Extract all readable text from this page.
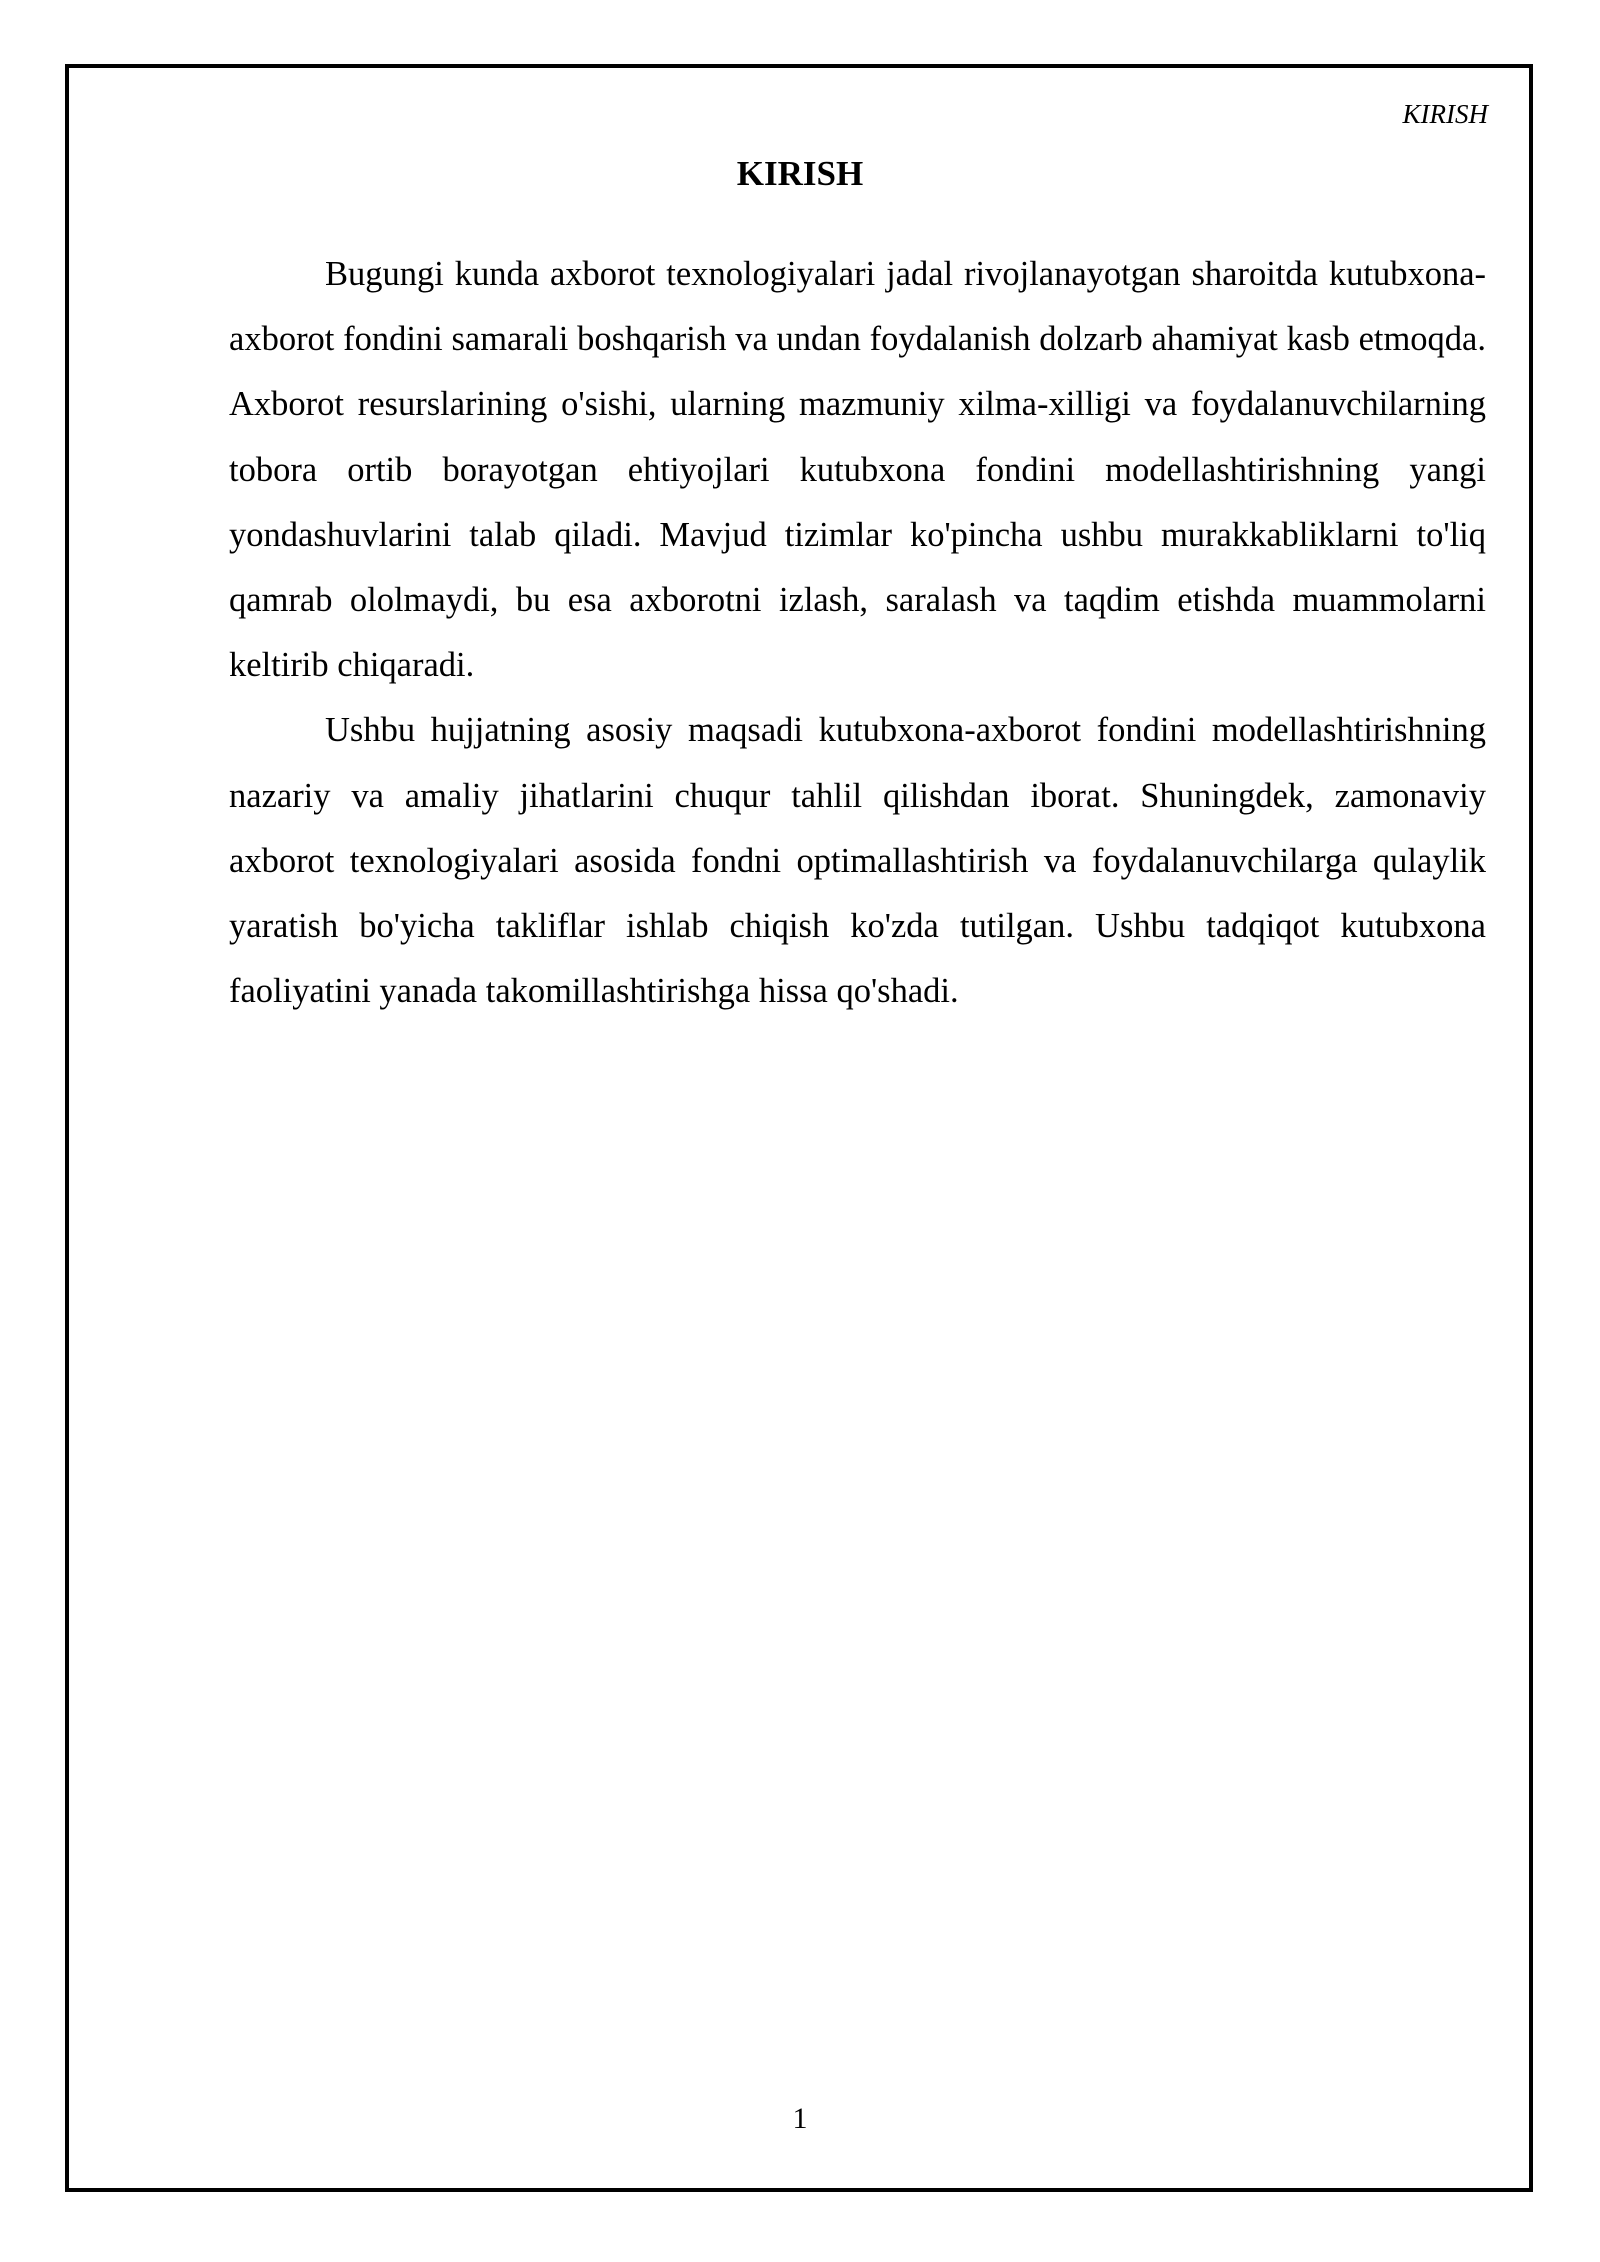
KIRISH
KIRISH

Bugungi kunda axborot texnologiyalari jadal rivojlanayotgan sharoitda kutubxona-axborot fondini samarali boshqarish va undan foydalanish dolzarb ahamiyat kasb etmoqda. Axborot resurslarining o'sishi, ularning mazmuniy xilma-xilligi va foydalanuvchilarning tobora ortib borayotgan ehtiyojlari kutubxona fondini modellashtirishning yangi yondashuvlarini talab qiladi. Mavjud tizimlar ko'pincha ushbu murakkabliklarni to'liq qamrab ololmaydi, bu esa axborotni izlash, saralash va taqdim etishda muammolarni keltirib chiqaradi.

Ushbu hujjatning asosiy maqsadi kutubxona-axborot fondini modellashtirishning nazariy va amaliy jihatlarini chuqur tahlil qilishdan iborat. Shuningdek, zamonaviy axborot texnologiyalari asosida fondni optimallashtirish va foydalanuvchilarga qulaylik yaratish bo'yicha takliflar ishlab chiqish ko'zda tutilgan. Ushbu tadqiqot kutubxona faoliyatini yanada takomillashtirishga hissa qo'shadi.

1
